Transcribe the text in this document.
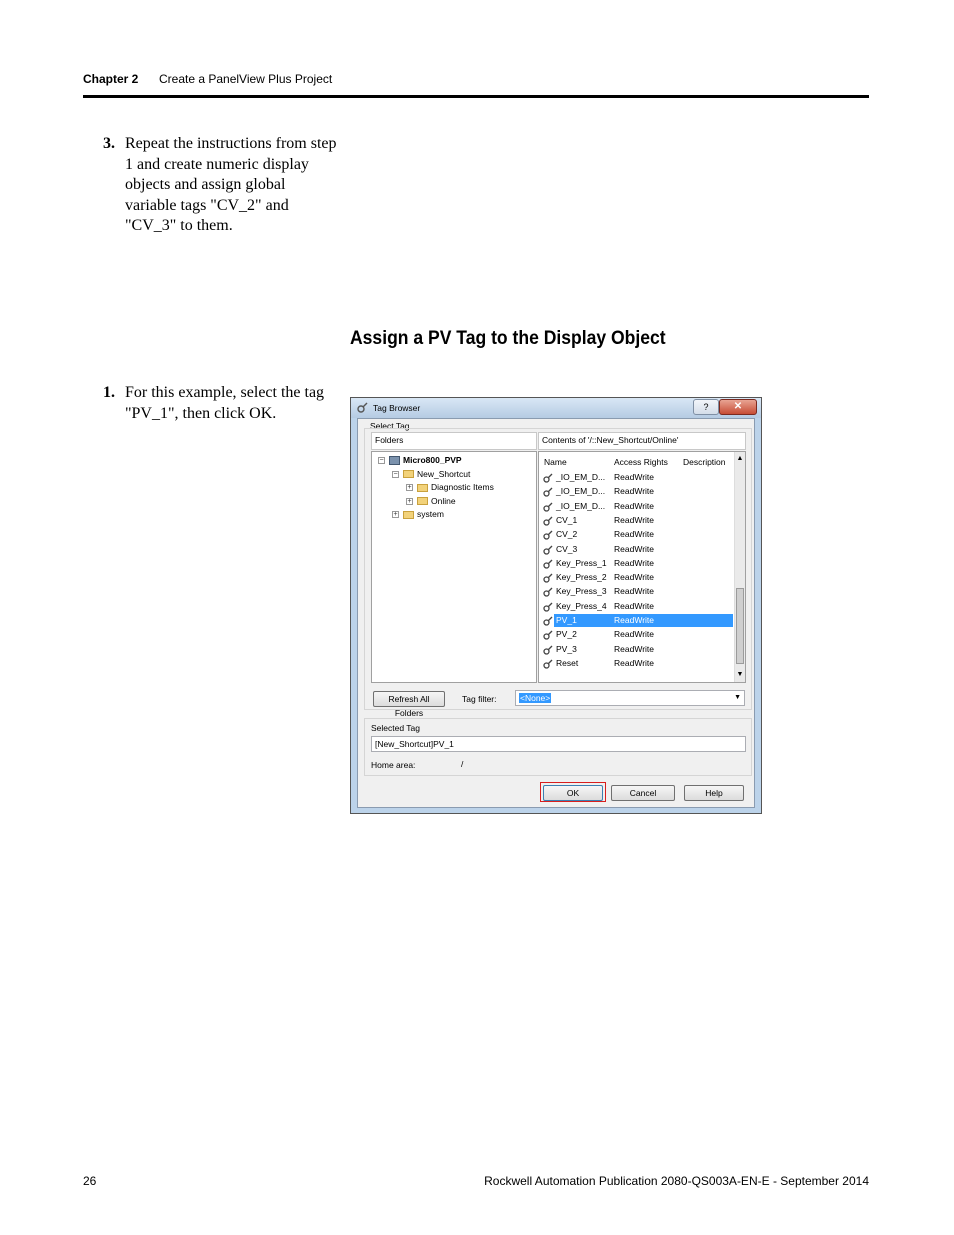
Chapter 2 Create a PanelView Plus Project
3. Repeat the instructions from step 1 and create numeric display objects and assign global variable tags "CV_2" and "CV_3" to them.
Assign a PV Tag to the Display Object
1. For this example, select the tag "PV_1", then click OK.	Tag Browser	?	✕
Select Tag
Folders
− Micro800_PVP
− New_Shortcut
+ Diagnostic Items
+ Online
+ system
Contents of '/::New_Shortcut/Online'
Name	Access Rights Description ▲
▼
_IO_EM_D... ReadWrite
_IO_EM_D... ReadWrite
_IO_EM_D... ReadWrite
CV_1	ReadWrite
CV_2	ReadWrite
CV_3	ReadWrite
Key_Press_1 ReadWrite
Key_Press_2 ReadWrite
Key_Press_3 ReadWrite
Key_Press_4 ReadWrite
PV_1	ReadWrite
PV_2	ReadWrite
PV_3	ReadWrite
Reset	ReadWrite
Refresh All Folders
Tag filter:	<None>	▼
Selected Tag
[New_Shortcut]PV_1
Home area:	/
OK	Cancel	Help
26	Rockwell Automation Publication 2080-QS003A-EN-E - September 2014
